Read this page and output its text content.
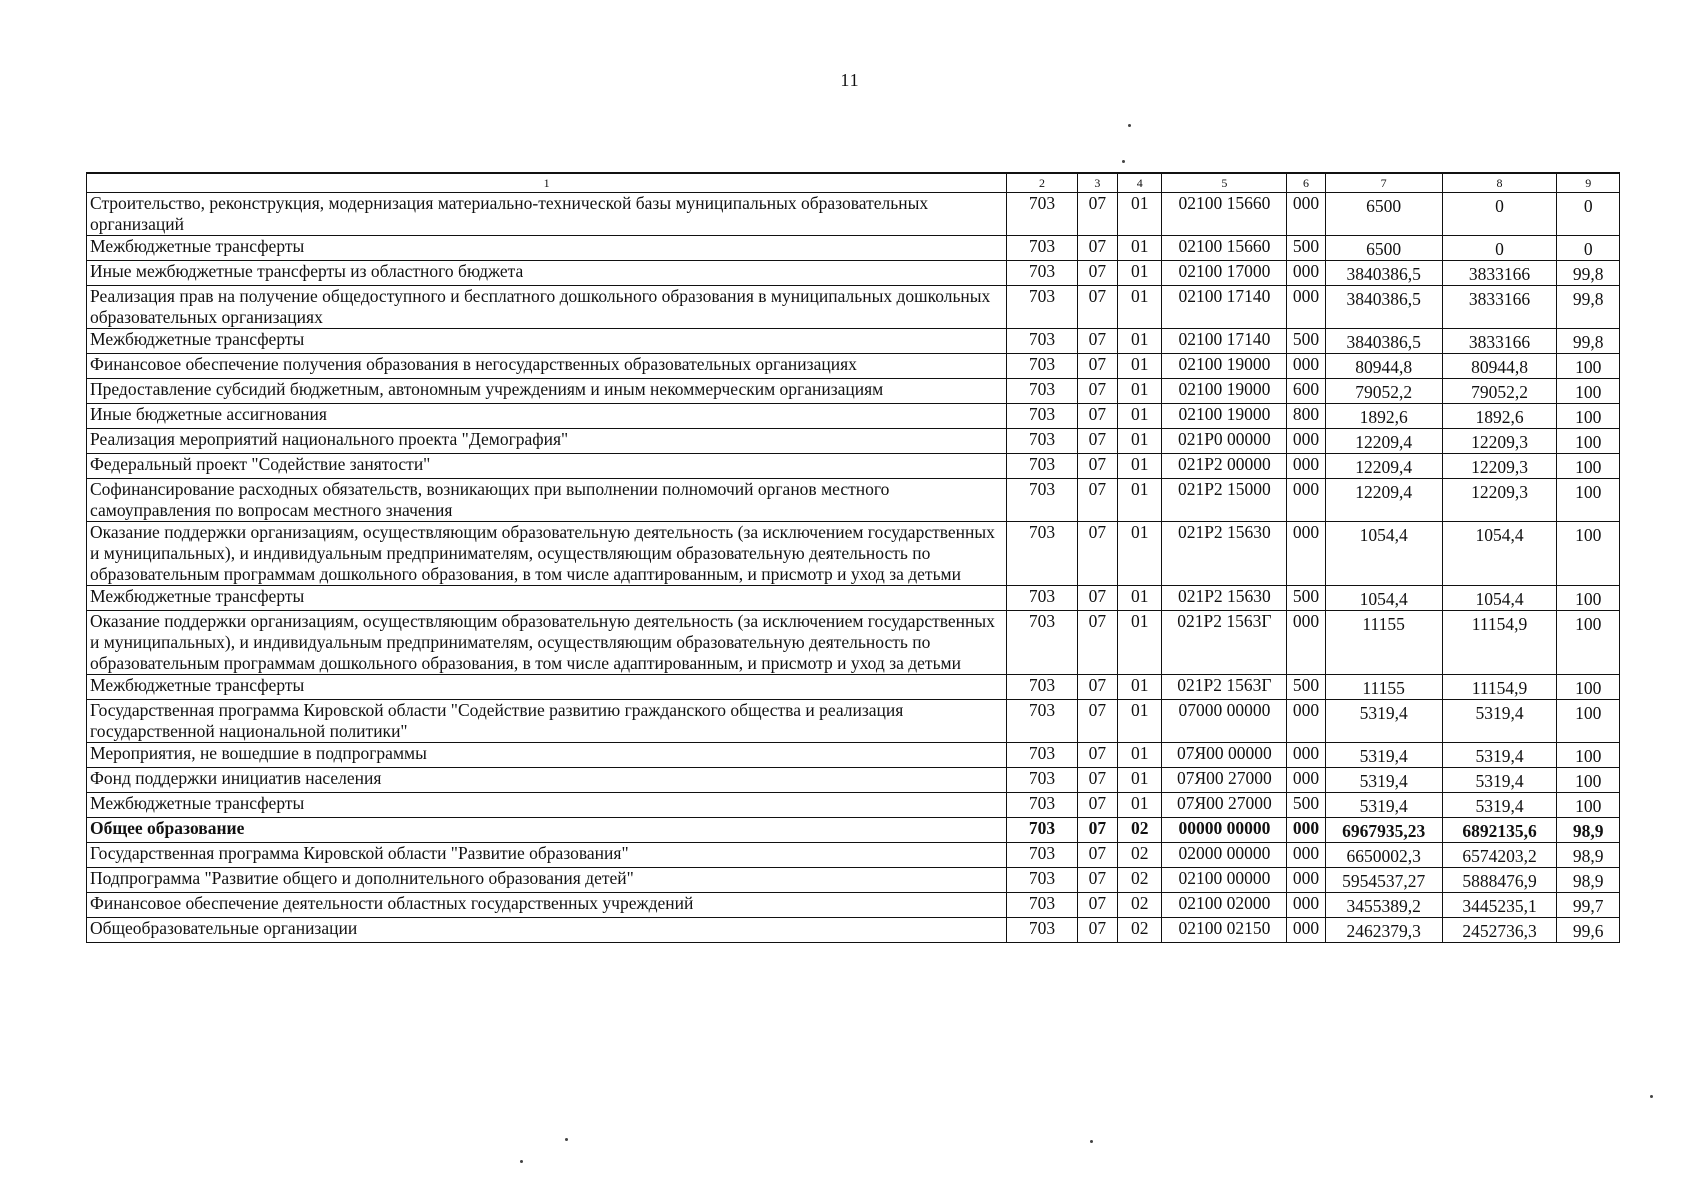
11
1	2	3	4	5	6	7	8	9
Строительство, реконструкция, модернизация материально-технической базы муниципальных образовательных организаций	703	07	01	02100 15660	000	6500	0	0
Межбюджетные трансферты	703	07	01	02100 15660	500	6500	0	0
Иные межбюджетные трансферты из областного бюджета	703	07	01	02100 17000	000	3840386,5	3833166	99,8
Реализация прав на получение общедоступного и бесплатного дошкольного образования в муниципальных дошкольных образовательных организациях	703	07	01	02100 17140	000	3840386,5	3833166	99,8
Межбюджетные трансферты	703	07	01	02100 17140	500	3840386,5	3833166	99,8
Финансовое обеспечение получения образования в негосударственных образовательных организациях	703	07	01	02100 19000	000	80944,8	80944,8	100
Предоставление субсидий бюджетным, автономным учреждениям и иным некоммерческим организациям	703	07	01	02100 19000	600	79052,2	79052,2	100
Иные бюджетные ассигнования	703	07	01	02100 19000	800	1892,6	1892,6	100
Реализация мероприятий национального проекта "Демография"	703	07	01	021Р0 00000	000	12209,4	12209,3	100
Федеральный проект "Содействие занятости"	703	07	01	021Р2 00000	000	12209,4	12209,3	100
Софинансирование расходных обязательств, возникающих при выполнении полномочий органов местного самоуправления по вопросам местного значения	703	07	01	021Р2 15000	000	12209,4	12209,3	100
Оказание поддержки организациям, осуществляющим образовательную деятельность (за исключением государственных и муниципальных), и индивидуальным предпринимателям, осуществляющим образовательную деятельность по образовательным программам дошкольного образования, в том числе адаптированным, и присмотр и уход за детьми	703	07	01	021Р2 15630	000	1054,4	1054,4	100
Межбюджетные трансферты	703	07	01	021Р2 15630	500	1054,4	1054,4	100
Оказание поддержки организациям, осуществляющим образовательную деятельность (за исключением государственных и муниципальных), и индивидуальным предпринимателям, осуществляющим образовательную деятельность по образовательным программам дошкольного образования, в том числе адаптированным, и присмотр и уход за детьми	703	07	01	021Р2 1563Г	000	11155	11154,9	100
Межбюджетные трансферты	703	07	01	021Р2 1563Г	500	11155	11154,9	100
Государственная программа Кировской области "Содействие развитию гражданского общества и реализация государственной национальной политики"	703	07	01	07000 00000	000	5319,4	5319,4	100
Мероприятия, не вошедшие в подпрограммы	703	07	01	07Я00 00000	000	5319,4	5319,4	100
Фонд поддержки инициатив населения	703	07	01	07Я00 27000	000	5319,4	5319,4	100
Межбюджетные трансферты	703	07	01	07Я00 27000	500	5319,4	5319,4	100
Общее образование	703	07	02	00000 00000	000	6967935,23	6892135,6	98,9
Государственная программа Кировской области "Развитие образования"	703	07	02	02000 00000	000	6650002,3	6574203,2	98,9
Подпрограмма "Развитие общего и дополнительного образования детей"	703	07	02	02100 00000	000	5954537,27	5888476,9	98,9
Финансовое обеспечение деятельности областных государственных учреждений	703	07	02	02100 02000	000	3455389,2	3445235,1	99,7
Общеобразовательные организации	703	07	02	02100 02150	000	2462379,3	2452736,3	99,6
